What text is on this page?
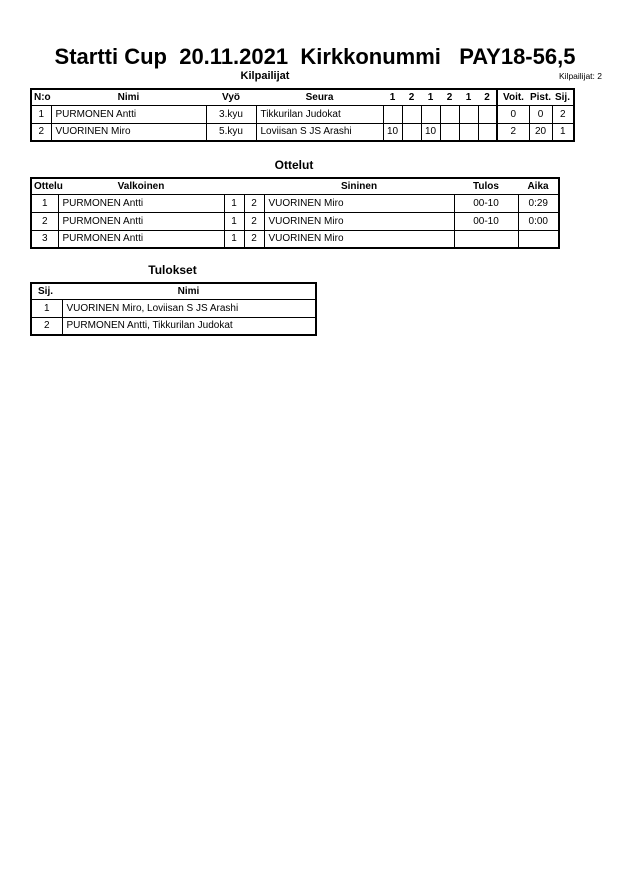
Startti Cup  20.11.2021  Kirkkonummi   PAY18-56,5
Kilpailijat	Kilpailijat: 2
N:o	Nimi	Vyö	Seura	1	2	1	2	1	2	Voit.	Pist.	Sij.
1	PURMONEN Antti	3.kyu	Tikkurilan Judokat							0	0	2
2	VUORINEN Miro	5.kyu	Loviisan S JS Arashi	10		10				2	20	1
Ottelut
Ottelu	Valkoinen			Sininen	Tulos	Aika
1	PURMONEN Antti	1	2	VUORINEN Miro	00-10	0:29
2	PURMONEN Antti	1	2	VUORINEN Miro	00-10	0:00
3	PURMONEN Antti	1	2	VUORINEN Miro		
Tulokset
Sij.	Nimi
1	VUORINEN Miro, Loviisan S JS Arashi
2	PURMONEN Antti, Tikkurilan Judokat
